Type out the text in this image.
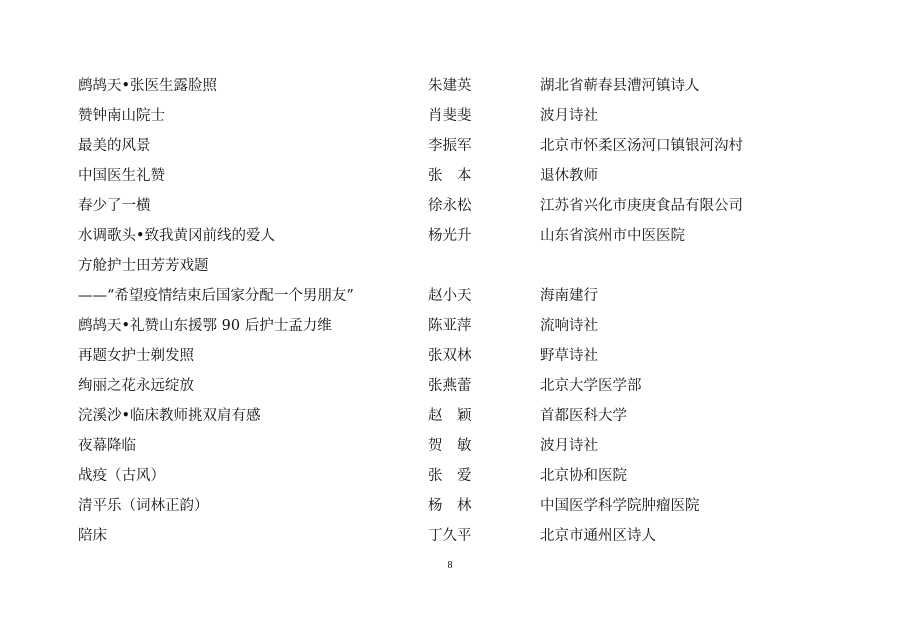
鹧鸪天•张医生露脸照	朱建英	湖北省蕲春县漕河镇诗人
赞钟南山院士	肖斐斐	波月诗社
最美的风景	李振军	北京市怀柔区汤河口镇银河沟村
中国医生礼赞	张　本	退休教师
春少了一横	徐永松	江苏省兴化市庚庚食品有限公司
水调歌头•致我黄冈前线的爱人	杨光升	山东省滨州市中医医院
方舱护士田芳芳戏题
——“希望疫情结束后国家分配一个男朋友”	赵小天	海南建行
鹧鸪天•礼赞山东援鄂 90 后护士孟力维	陈亚萍	流响诗社
再题女护士剃发照	张双林	野草诗社
绚丽之花永远绽放	张燕蕾	北京大学医学部
浣溪沙•临床教师挑双肩有感	赵　颖	首都医科大学
夜幕降临	贺　敏	波月诗社
战疫（古风）	张　爱	北京协和医院
清平乐（词林正韵）	杨　林	中国医学科学院肿瘤医院
陪床	丁久平	北京市通州区诗人
8
